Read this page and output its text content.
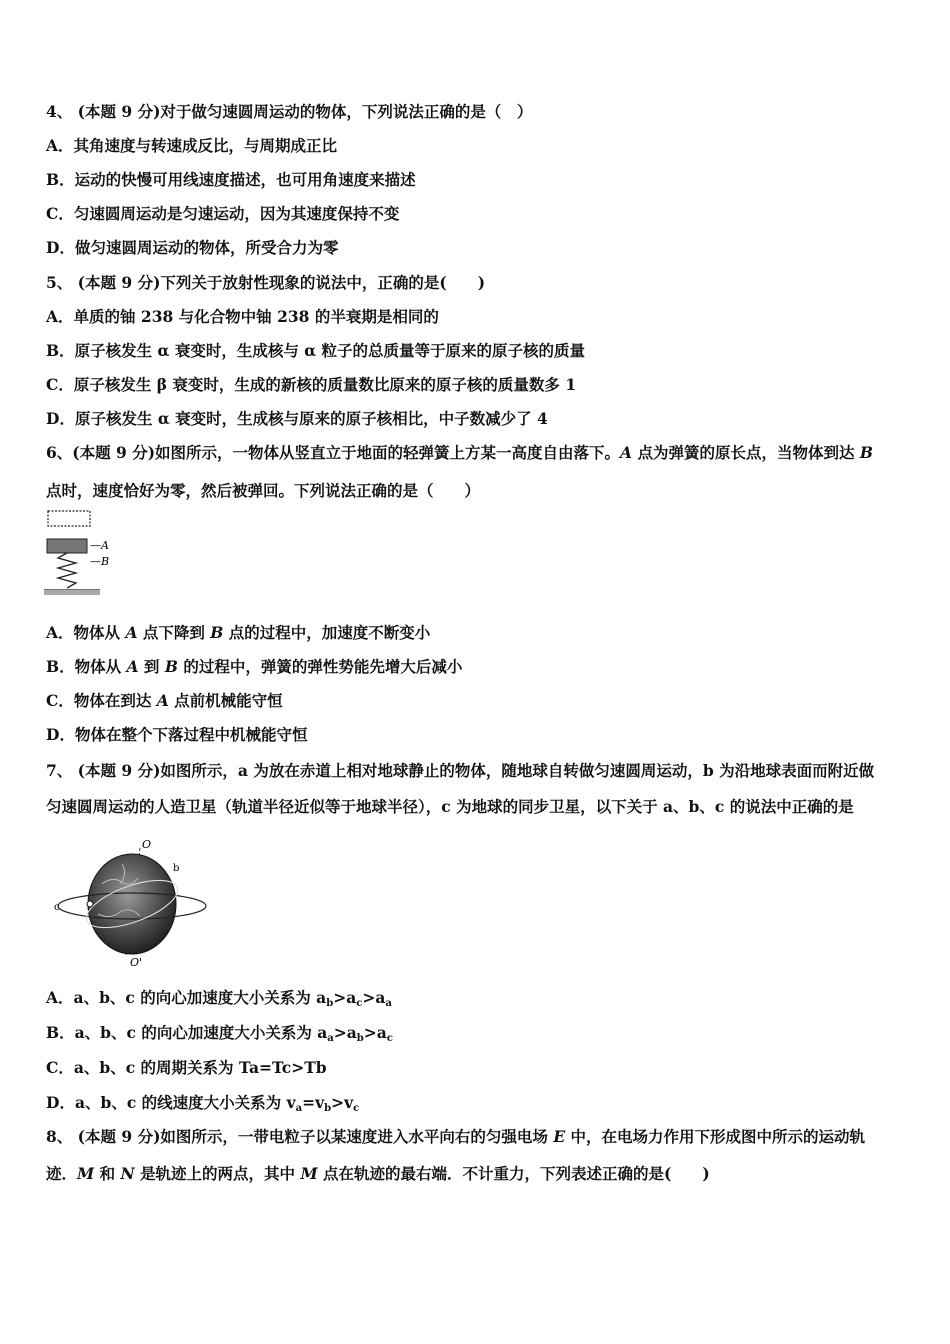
4、 (本题 9 分)对于做匀速圆周运动的物体，下列说法正确的是（　）
A．其角速度与转速成反比，与周期成正比
B．运动的快慢可用线速度描述，也可用角速度来描述
C．匀速圆周运动是匀速运动，因为其速度保持不变
D．做匀速圆周运动的物体，所受合力为零
5、 (本题 9 分)下列关于放射性现象的说法中，正确的是(　　)
A．单质的铀 238 与化合物中铀 238 的半衰期是相同的
B．原子核发生 α 衰变时，生成核与 α 粒子的总质量等于原来的原子核的质量
C．原子核发生 β 衰变时，生成的新核的质量数比原来的原子核的质量数多 1
D．原子核发生 α 衰变时，生成核与原来的原子核相比，中子数减少了 4
6、(本题 9 分)如图所示，一物体从竖直立于地面的轻弹簧上方某一高度自由落下。A 点为弹簧的原长点，当物体到达 B
点时，速度恰好为零，然后被弹回。下列说法正确的是（　　）
—A
—B
A．物体从 A 点下降到 B 点的过程中，加速度不断变小
B．物体从 A 到 B 的过程中，弹簧的弹性势能先增大后减小
C．物体在到达 A 点前机械能守恒
D．物体在整个下落过程中机械能守恒
7、 (本题 9 分)如图所示，a 为放在赤道上相对地球静止的物体，随地球自转做匀速圆周运动，b 为沿地球表面而附近做
匀速圆周运动的人造卫星（轨道半径近似等于地球半径），c 为地球的同步卫星，以下关于 a、b、c 的说法中正确的是
O
O'
b
c
a
A．a、b、c 的向心加速度大小关系为 $a_b>a_c>a_a$
B．a、b、c 的向心加速度大小关系为 $a_a>a_b>a_c$
C．a、b、c 的周期关系为 Ta=Tc>Tb
D．a、b、c 的线速度大小关系为 $v_a=v_b>v_c$
8、 (本题 9 分)如图所示，一带电粒子以某速度进入水平向右的匀强电场 E 中，在电场力作用下形成图中所示的运动轨
迹．M 和 N 是轨迹上的两点，其中 M 点在轨迹的最右端．不计重力，下列表述正确的是(　　)
